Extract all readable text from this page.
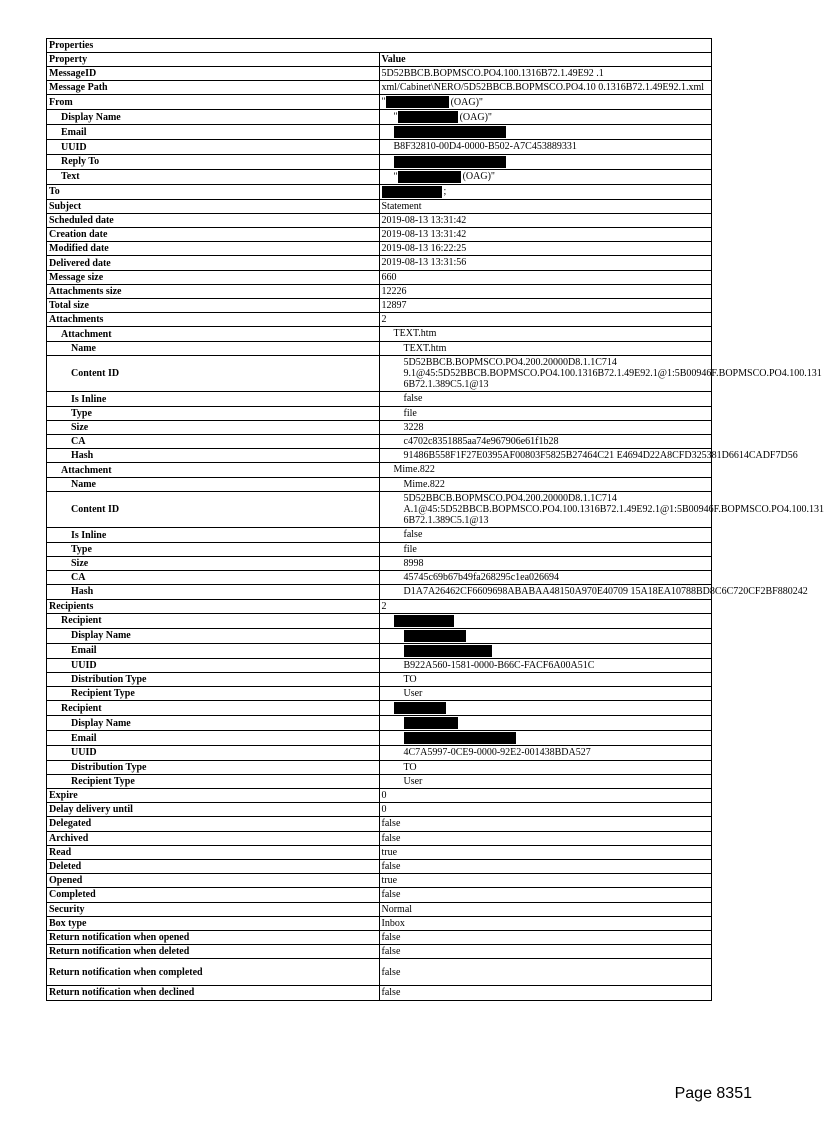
Properties	
Property	Value
MessageID	5D52BBCB.BOPMSCO.PO4.100.1316B72.1.49E92 .1
Message Path	xml/Cabinet\NERO/5D52BBCB.BOPMSCO.PO4.10 0.1316B72.1.49E92.1.xml
From	" (OAG)"
Display Name	" (OAG)"
Email	
UUID	B8F32810-00D4-0000-B502-A7C453889331
Reply To	
Text	" (OAG)"
To	;
Subject	Statement
Scheduled date	2019-08-13 13:31:42
Creation date	2019-08-13 13:31:42
Modified date	2019-08-13 16:22:25
Delivered date	2019-08-13 13:31:56
Message size	660
Attachments size	12226
Total size	12897
Attachments	2
Attachment	TEXT.htm
Name	TEXT.htm
Content ID	5D52BBCB.BOPMSCO.PO4.200.20000D8.1.1C714 9.1@45:5D52BBCB.BOPMSCO.PO4.100.1316B72.1.49E92.1@1:5B00946F.BOPMSCO.PO4.100.131 6B72.1.389C5.1@13
Is Inline	false
Type	file
Size	3228
CA	c4702c8351885aa74e967906e61f1b28
Hash	91486B558F1F27E0395AF00803F5825B27464C21 E4694D22A8CFD325381D6614CADF7D56
Attachment	Mime.822
Name	Mime.822
Content ID	5D52BBCB.BOPMSCO.PO4.200.20000D8.1.1C714 A.1@45:5D52BBCB.BOPMSCO.PO4.100.1316B72.1.49E92.1@1:5B00946F.BOPMSCO.PO4.100.131 6B72.1.389C5.1@13
Is Inline	false
Type	file
Size	8998
CA	45745c69b67b49fa268295c1ea026694
Hash	D1A7A26462CF6609698ABABAA48150A970E40709 15A18EA10788BD8C6C720CF2BF880242
Recipients	2
Recipient	
Display Name	
Email	
UUID	B922A560-1581-0000-B66C-FACF6A00A51C
Distribution Type	TO
Recipient Type	User
Recipient	
Display Name	
Email	
UUID	4C7A5997-0CE9-0000-92E2-001438BDA527
Distribution Type	TO
Recipient Type	User
Expire	0
Delay delivery until	0
Delegated	false
Archived	false
Read	true
Deleted	false
Opened	true
Completed	false
Security	Normal
Box type	Inbox
Return notification when opened	false
Return notification when deleted	false
Return notification when completed	false
Return notification when declined	false
Page 8351
